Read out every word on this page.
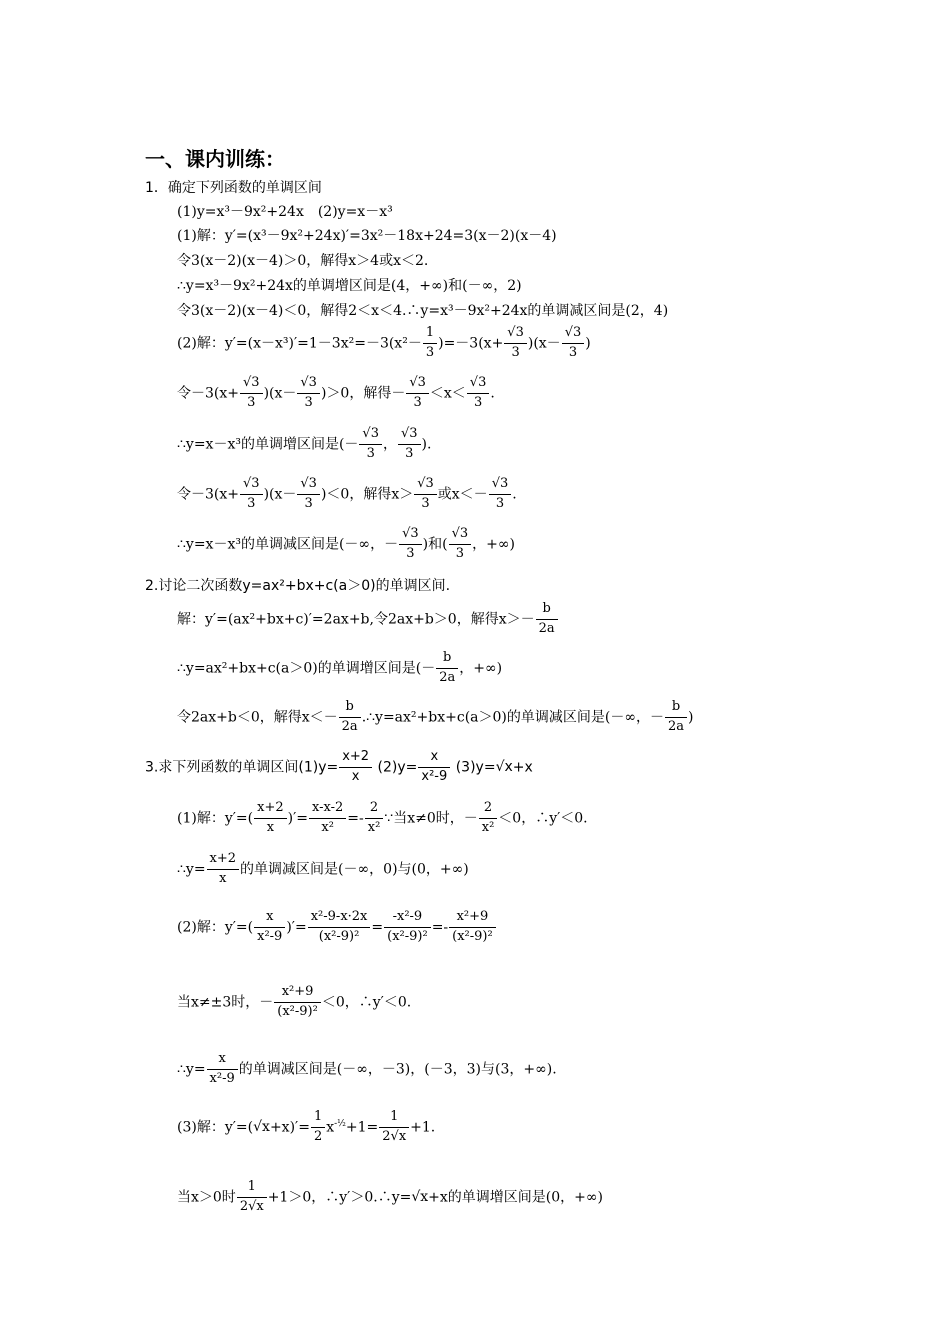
一、课内训练：
1．确定下列函数的单调区间
(1)y=x³－9x²+24x　(2)y=x－x³
(1)解：y′=(x³－9x²+24x)′=3x²－18x+24=3(x－2)(x－4)
令3(x－2)(x－4)＞0，解得x＞4或x＜2.
∴y=x³－9x²+24x的单调增区间是(4，+∞)和(－∞，2)
令3(x－2)(x－4)＜0，解得2＜x＜4.∴y=x³－9x²+24x的单调减区间是(2，4)
(2)解：$y'=(x-x^3)'=1-3x^2=-3(x^2- \frac{1}{3} )=-3(x+ \frac{√3}{3} )(x- \frac{√3}{3}$ )
令$-3(x+ \frac{√3}{3} )(x- \frac{√3}{3} )>0$，解得－ $\frac{√3}{3} <x< \frac{√3}{3}$ .
∴y=x－x³的单调增区间是(－ $\frac{√3}{3}$ ， $\frac{√3}{3}$ ).
令$-3(x+ \frac{√3}{3} )(x- \frac{√3}{3} )<0$，解得$x> \frac{√3}{3}$ 或$x<- \frac{√3}{3}$ .
∴y=x－x³的单调减区间是(－∞，－ $\frac{√3}{3}$ )和( $\frac{√3}{3}$ ，+∞)
2.讨论二次函数y=ax²+bx+c(a＞0)的单调区间.
解：y′=(ax²+bx+c)′=2ax+b,令2ax+b＞0，解得$x>- \frac{b}{2a}$
∴y=ax²+bx+c(a＞0)的单调增区间是(－ $\frac{b}{2a}$ ，+∞)
令2ax+b＜0，解得$x<- \frac{b}{2a}$ .∴y=ax²+bx+c(a＞0)的单调减区间是(－∞，－ $\frac{b}{2a}$ )
3.求下列函数的单调区间$(1)y= \frac{x+2}{x} (2)y= \frac{x}{\text{x²-9}} (3)y=√x+x$
(1)解：$y'=( \frac{x+2}{x}$ )′= $\frac{x-x-2}{\text{x²}} =- \frac{2}{\text{x²}}$ ∵当x≠0时，－ $\frac{2}{\text{x²}} <0$，∴y′＜0.
∴y= $\frac{x+2}{x}$ 的单调减区间是(－∞，0)与(0，+∞)
(2)解：$y'=( \frac{x}{\text{x²-9}}$ )′= $\frac{\text{x²-9-x·2x}}{\text{(x²-9)²}} = \frac{\text{-x²-9}}{\text{(x²-9)²}} =- \frac{\text{x²+9}}{\text{(x²-9)²}}$
当x≠±3时，－ $\frac{\text{x²+9}}{\text{(x²-9)²}} <0$，∴y′＜0.
∴y= $\frac{x}{\text{x²-9}}$ 的单调减区间是(－∞，－3)，(－3，3)与(3，+∞).
(3)解：$y'=(√x+x)'= \frac{1}{2} x^{-\frac{1}{2}}+1= \frac{1}{2√x} +1$.
当x＞0时 $\frac{1}{2√x} +1>0$，∴y′＞0.∴y=√x+x的单调增区间是(0，+∞)
